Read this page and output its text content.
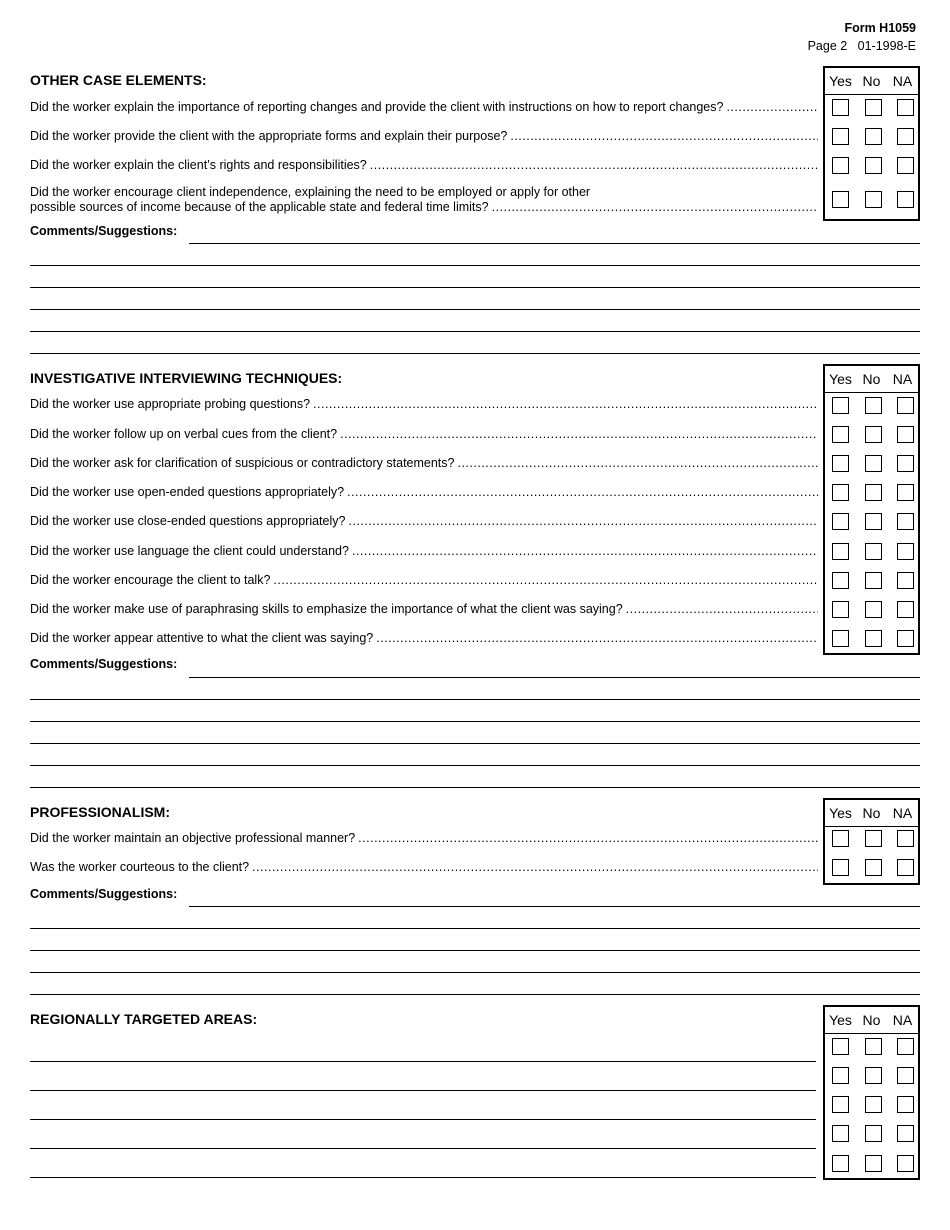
Form H1059
Page 2 01-1998-E
OTHER CASE ELEMENTS:
Did the worker explain the importance of reporting changes and provide the client with instructions on how to report changes?
.....
Did the worker provide the client with the appropriate forms and explain their purpose?
.....
Did the worker explain the client’s rights and responsibilities?
.....
Did the worker encourage client independence, explaining the need to be employed or apply for other
possible sources of income because of the applicable state and federal time limits?
.....
Yes No NA
Comments/Suggestions:
INVESTIGATIVE INTERVIEWING TECHNIQUES:
Did the worker use appropriate probing questions?
.....
Did the worker follow up on verbal cues from the client?
.....
Did the worker ask for clarification of suspicious or contradictory statements?
.....
Did the worker use open-ended questions appropriately?
.....
Did the worker use close-ended questions appropriately?
.....
Did the worker use language the client could understand?
.....
Did the worker encourage the client to talk?
.....
Did the worker make use of paraphrasing skills to emphasize the importance of what the client was saying?
.....
Did the worker appear attentive to what the client was saying?
.....
Yes No NA
Comments/Suggestions:
PROFESSIONALISM:
Did the worker maintain an objective professional manner?
.....
Was the worker courteous to the client?
.....
Yes No NA
Comments/Suggestions:
REGIONALLY TARGETED AREAS:	Yes No NA
